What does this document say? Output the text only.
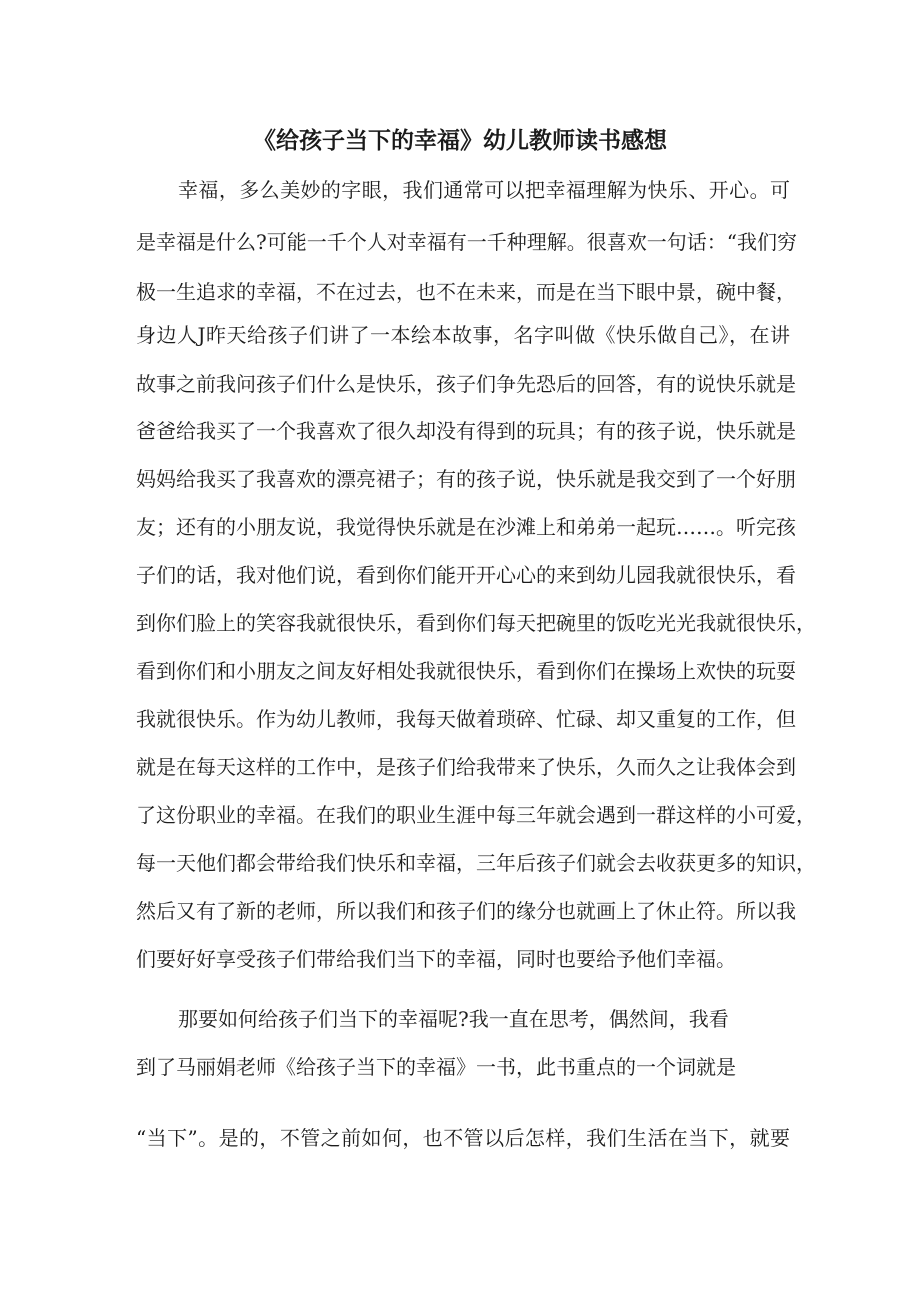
《给孩子当下的幸福》幼儿教师读书感想
幸福，多么美妙的字眼，我们通常可以把幸福理解为快乐、开心。可
是幸福是什么?可能一千个人对幸福有一千种理解。很喜欢一句话：“我们穷
极一生追求的幸福，不在过去，也不在未来，而是在当下眼中景，碗中餐，
身边人J昨天给孩子们讲了一本绘本故事，名字叫做《快乐做自己》，在讲
故事之前我问孩子们什么是快乐，孩子们争先恐后的回答，有的说快乐就是
爸爸给我买了一个我喜欢了很久却没有得到的玩具；有的孩子说，快乐就是
妈妈给我买了我喜欢的漂亮裙子；有的孩子说，快乐就是我交到了一个好朋
友；还有的小朋友说，我觉得快乐就是在沙滩上和弟弟一起玩……。听完孩
子们的话，我对他们说，看到你们能开开心心的来到幼儿园我就很快乐，看
到你们脸上的笑容我就很快乐，看到你们每天把碗里的饭吃光光我就很快乐，
看到你们和小朋友之间友好相处我就很快乐，看到你们在操场上欢快的玩耍
我就很快乐。作为幼儿教师，我每天做着琐碎、忙碌、却又重复的工作，但
就是在每天这样的工作中，是孩子们给我带来了快乐，久而久之让我体会到
了这份职业的幸福。在我们的职业生涯中每三年就会遇到一群这样的小可爱，
每一天他们都会带给我们快乐和幸福，三年后孩子们就会去收获更多的知识，
然后又有了新的老师，所以我们和孩子们的缘分也就画上了休止符。所以我
们要好好享受孩子们带给我们当下的幸福，同时也要给予他们幸福。
那要如何给孩子们当下的幸福呢?我一直在思考，偶然间，我看
到了马丽娟老师《给孩子当下的幸福》一书，此书重点的一个词就是
“当下”。是的，不管之前如何，也不管以后怎样，我们生活在当下，就要
